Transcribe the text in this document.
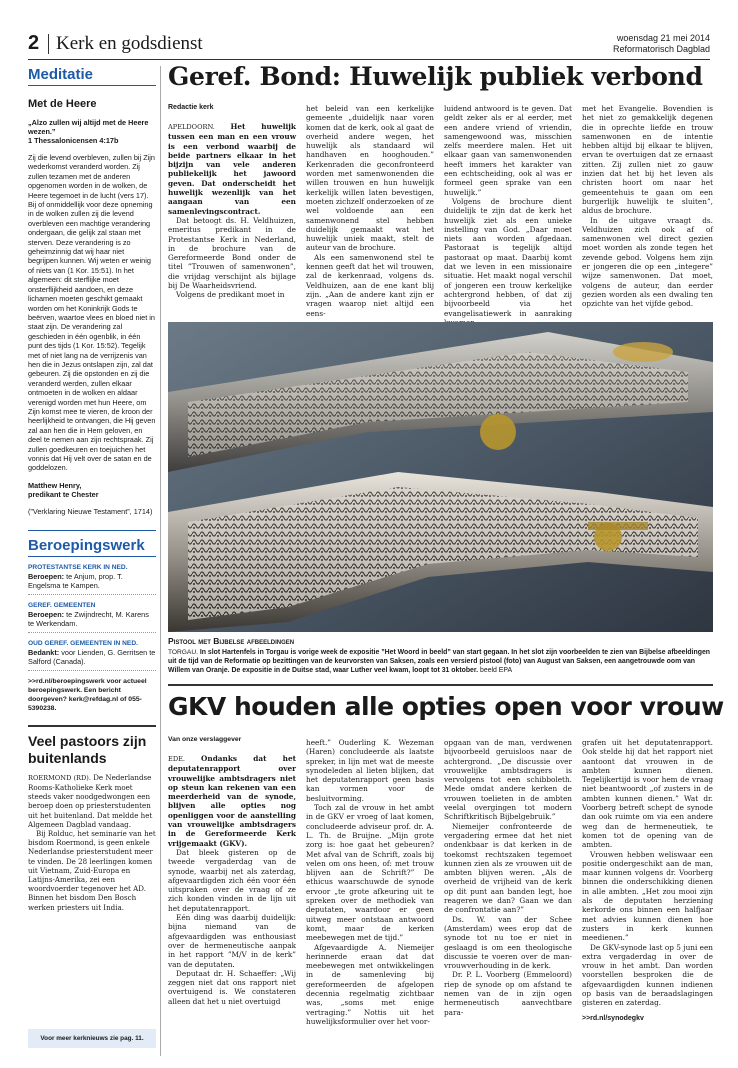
2 Kerk en godsdienst	woensdag 21 mei 2014
Reformatorisch Dagblad
Meditatie
Met de Heere
„Alzo zullen wij altijd met de Heere wezen.”
1 Thessalonicensen 4:17b
Zij die levend overbleven, zullen bij Zijn wederkomst veranderd worden. Zij zullen tezamen met de anderen opgenomen worden in de wolken, de Heere tegemoet in de lucht (vers 17). Bij of onmiddellijk voor deze opneming in de wolken zullen zij die levend overbleven een machtige verandering ondergaan, die gelijk zal staan met sterven. Deze verandering is zo geheimzinnig dat wij haar niet begrijpen kunnen. Wij weten er weinig of niets van (1 Kor. 15:51). In het algemeen: dit sterflijke moet onsterflijkheid aandoen, en deze lichamen moeten geschikt gemaakt worden om het Koninkrijk Gods te beërven, waartoe vlees en bloed niet in staat zijn. De verandering zal geschieden in één ogenblik, in één punt des tijds (1 Kor. 15:52). Tegelijk met of niet lang na de verrijzenis van hen die in Jezus ontslapen zijn, zal dat gebeuren. Zij die opstonden en zij die veranderd werden, zullen elkaar ontmoeten in de wolken en aldaar verenigd worden met hun Heere, om Zijn komst mee te vieren, de kroon der heerlijkheid te ontvangen, die Hij geven zal aan hen die in Hem geloven, en deel te nemen aan zijn rechtspraak. Zij zullen goedkeuren en toejuichen het vonnis dat Hij velt over de satan en de goddelozen.
Matthew Henry,
predikant te Chester
(”Verklaring Nieuwe Testament”, 1714)
Beroepingswerk
PROTESTANTSE KERK IN NED.
Beroepen: te Anjum, prop. T. Engelsma te Kampen.
GEREF. GEMEENTEN
Beroepen: te Zwijndrecht, M. Karens te Werkendam.
OUD GEREF. GEMEENTEN IN NED.
Bedankt: voor Lienden, G. Gerritsen te Salford (Canada).
>>rd.nl/beroepingswerk voor actueel beroepingswerk. Een bericht doorgeven? kerk@refdag.nl of 055-5390238.
Veel pastoors zijn buitenlands

ROERMOND (RD). De Nederlandse Rooms-Katholieke Kerk moet steeds vaker noodgedwongen een beroep doen op priesterstudenten uit het buitenland. Dat meldde het Algemeen Dagblad vandaag.

Bij Rolduc, het seminarie van het bisdom Roermond, is geen enkele Nederlandse priesterstudent meer te vinden. De 28 leerlingen komen uit Vietnam, Zuid-Europa en Latijns-Amerika, zei een woordvoerder tegenover het AD. Binnen het bisdom Den Bosch werken priesters uit India.

Voor meer kerknieuws zie pag. 11.
Geref. Bond: Huwelijk publiek verbond
Redactie kerk

APELDOORN. Het huwelijk tussen een man en een vrouw is een verbond waarbij de beide partners elkaar in het bijzijn van vele anderen publiekelijk het jawoord geven. Dat onderscheidt het huwelijk wezenlijk van het aangaan van een samenlevingscontract.

Dat betoogt ds. H. Veldhuizen, emeritus predikant in de Protestantse Kerk in Nederland, in de brochure van de Gereformeerde Bond onder de titel ”Trouwen of samenwonen”, die vrijdag verschijnt als bijlage bij De Waarheidsvriend.

Volgens de predikant moet in

het beleid van een kerkelijke gemeente „duidelijk naar voren komen dat de kerk, ook al gaat de overheid andere wegen, het huwelijk als standaard wil handhaven en hooghouden.” Kerkenraden die geconfronteerd worden met samenwonenden die willen trouwen en hun huwelijk kerkelijk willen laten bevestigen, moeten zichzelf onderzoeken of ze wel voldoende aan een samenwonend stel hebben duidelijk gemaakt wat het huwelijk uniek maakt, stelt de auteur van de brochure.

Als een samenwonend stel te kennen geeft dat het wil trouwen, zal de kerkenraad, volgens ds. Veldhuizen, aan de ene kant blij zijn. „Aan de andere kant zijn er vragen waarop niet altijd een eens-

luidend antwoord is te geven. Dat geldt zeker als er al eerder, met een andere vriend of vriendin, samengewoond was, misschien zelfs meerdere malen. Het uit elkaar gaan van samenwonenden heeft immers het karakter van een echtscheiding, ook al was er formeel geen sprake van een huwelijk.”

Volgens de brochure dient duidelijk te zijn dat de kerk het huwelijk ziet als een unieke instelling van God. „Daar moet niets aan worden afgedaan. Pastoraat is tegelijk altijd pastoraat op maat. Daarbij komt dat we leven in een missionaire situatie. Het maakt nogal verschil of jongeren een trouw kerkelijke achtergrond hebben, of dat zij bijvoorbeeld via het evangelisatiewerk in aanraking

met het Evangelie. Bovendien is het niet zo gemakkelijk degenen die in oprechte liefde en trouw samenwonen en de intentie hebben altijd bij elkaar te blijven, ervan te overtuigen dat ze ernaast zitten. Zij zullen niet zo gauw inzien dat het bij het leven als christen hoort om naar het gemeentehuis te gaan om een burgerlijk huwelijk te sluiten”, aldus de brochure.

In de uitgave vraagt ds. Veldhuizen zich ook af of samenwonen wel direct gezien moet worden als zonde tegen het zevende gebod. Volgens hem zijn er jongeren die op een „integere” wijze samenwonen. Dat moet, volgens de auteur, dan eerder gezien worden als een dwaling ten opzichte van het vijfde gebod.

Pistool met Bijbelse afbeeldingen
TORGAU. In slot Hartenfels in Torgau is vorige week de expositie ”Het Woord in beeld” van start gegaan. In het slot zijn voorbeelden te zien van Bijbelse afbeeldingen uit de tijd van de Reformatie op bezittingen van de keurvorsten van Saksen, zoals een versierd pistool (foto) van August van Saksen, een aangetrouwde oom van Willem van Oranje. De expositie in de Duitse stad, waar Luther veel kwam, loopt tot 31 oktober. beeld EPA
GKV houden alle opties open voor vrouw
Van onze verslaggever

EDE. Ondanks dat het deputatenrapport over vrouwelijke ambtsdragers niet op steun kan rekenen van een meerderheid van de synode, blijven alle opties nog openliggen voor de aanstelling van vrouwelijke ambtsdragers in de Gereformeerde Kerk vrijgemaakt (GKV).

Dat bleek gisteren op de tweede vergaderdag van de synode, waarbij net als zaterdag, afgevaardigden zich één voor één uitspraken over de vraag of ze zich konden vinden in de lijn uit het deputatenrapport.

Eén ding was daarbij duidelijk: bijna niemand van de afgevaardigden was enthousiast over de hermeneutische aanpak in het rapport ”M/V in de kerk” van de deputaten.

Deputaat dr. H. Schaeffer: „Wij zeggen niet dat ons rapport niet overtuigend is. We constateren alleen dat het u niet overtuigd

heeft.” Ouderling K. Wezeman (Haren) concludeerde als laatste spreker, in lijn met wat de meeste synodeleden al lieten blijken, dat het deputatenrapport geen basis kan vormen voor de besluitvorming.

Toch zal de vrouw in het ambt in de GKV er vroeg of laat komen, concludeerde adviseur prof. dr. A. L. Th. de Bruijne. „Mijn grote zorg is: hoe gaat het gebeuren? Met afval van de Schrift, zoals bij velen om ons heen, of: met trouw blijven aan de Schrift?” De ethicus waarschuwde de synode ervoor „te grote afkeuring uit te spreken over de methodiek van deputaten, waardoor er geen uitweg meer ontstaan antwoord komt, maar de kerken meebewegen met de tijd.”

Afgevaardigde A. Niemeijer herinnerde eraan dat dat meebewegen met ontwikkelingen in de samenleving bij gereformeerden de afgelopen decennia regelmatig zichtbaar was, „soms met enige vertraging.” Nottis uit het huwelijksformulier over het voor-

opgaan van de man, verdwenen bijvoorbeeld geruisloos naar de achtergrond. „De discussie over vrouwelijke ambtsdragers is vervolgens tot een schibboleth. Mede omdat andere kerken de vrouwen toelieten in de ambten veelal overgingen tot modern Schriftkritisch Bijbelgebruik.”

Niemeijer confronteerde de vergadering ermee dat het niet ondenkbaar is dat kerken in de toekomst rechtszaken tegemoet kunnen zien als ze vrouwen uit de ambten blijven weren. „Als de overheid de vrijheid van de kerk op dit punt aan banden legt, hoe reageren we dan? Gaan we dan de confrontatie aan?”

Ds. W. van der Schee (Amsterdam) wees erop dat de synode tot nu toe er niet in geslaagd is om een theologische discussie te voeren over de man-vrouwverhouding in de kerk.

Dr. P. L. Voorberg (Emmeloord) riep de synode op om afstand te nemen van de in zijn ogen hermeneutisch aanvechtbare para-

grafen uit het deputatenrapport. Ook stelde hij dat het rapport niet aantoont dat vrouwen in de ambten kunnen dienen. Tegelijkertijd is voor hem de vraag niet beantwoordt „of zusters in de ambten kunnen dienen.” Wat dr. Voorberg betreft schept de synode dan ook ruimte om via een andere weg dan de hermeneutiek, te komen tot de opening van de ambten.

Vrouwen hebben weliswaar een positie ondergeschikt aan de man, maar kunnen volgens dr. Voorberg binnen die onderschikking dienen in alle ambten. „Het zou mooi zijn als de deputaten herziening kerkorde ons binnen een halfjaar met advies kunnen dienen hoe zusters in kerk kunnen meedienen.”

De GKV-synode last op 5 juni een extra vergaderdag in over de vrouw in het ambt. Dan worden voorstellen besproken die de afgevaardigden kunnen indienen op basis van de beraadslagingen gisteren en zaterdag.

>>rd.nl/synodegkv
